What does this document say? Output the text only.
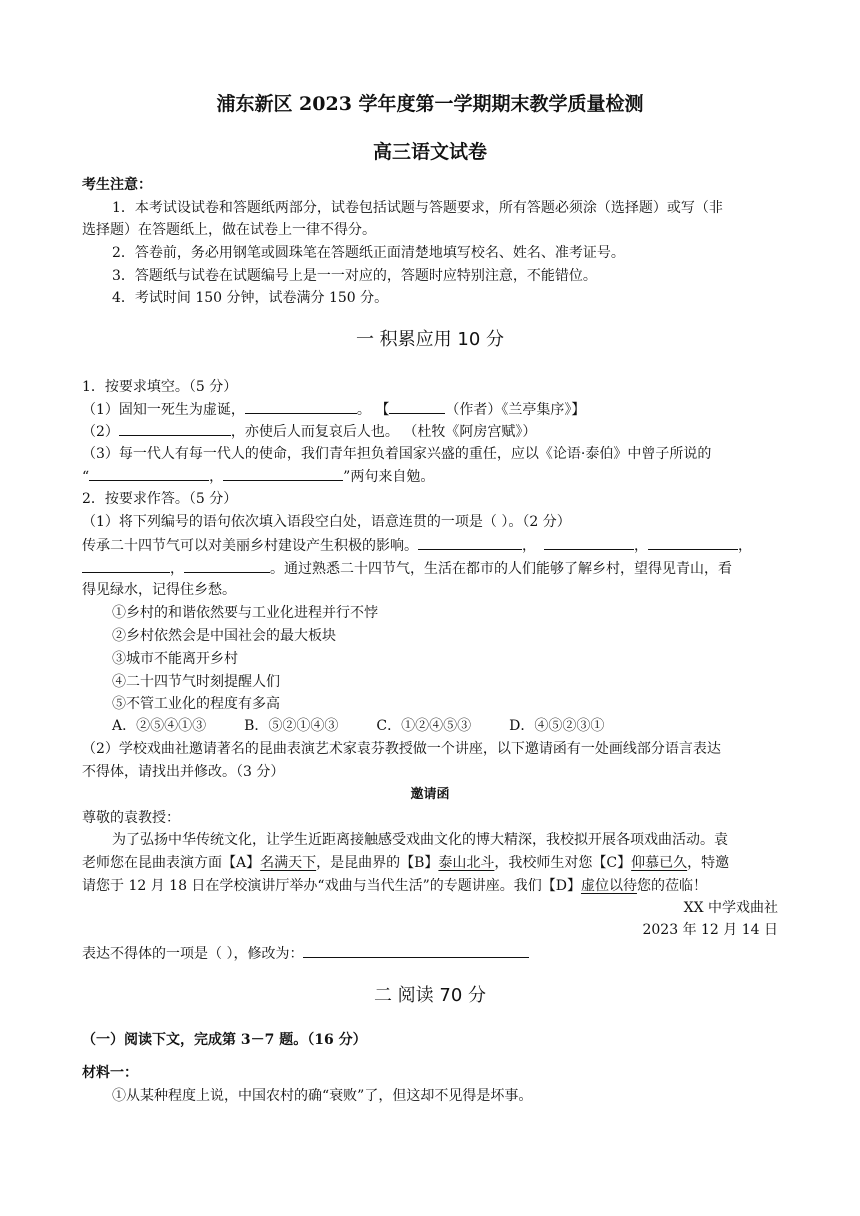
浦东新区 2023 学年度第一学期期末教学质量检测
高三语文试卷
考生注意：
1．本考试设试卷和答题纸两部分，试卷包括试题与答题要求，所有答题必须涂（选择题）或写（非
选择题）在答题纸上，做在试卷上一律不得分。
2．答卷前，务必用钢笔或圆珠笔在答题纸正面清楚地填写校名、姓名、准考证号。
3．答题纸与试卷在试题编号上是一一对应的，答题时应特别注意，不能错位。
4．考试时间 150 分钟，试卷满分 150 分。
一 积累应用 10 分
1．按要求填空。（5 分）
（1）固知一死生为虚诞，	。 【	（作者）《兰亭集序》】
（2）	，亦使后人而复哀后人也。 （杜牧《阿房宫赋》）
（3）每一代人有每一代人的使命，我们青年担负着国家兴盛的重任，应以《论语·泰伯》中曾子所说的
“	，	”两句来自勉。
2．按要求作答。（5 分）
（1）将下列编号的语句依次填入语段空白处，语意连贯的一项是（ ）。（2 分）
传承二十四节气可以对美丽乡村建设产生积极的影响。	，	，	，
，	。通过熟悉二十四节气，生活在都市的人们能够了解乡村，望得见青山，看
得见绿水，记得住乡愁。
①乡村的和谐依然要与工业化进程并行不悖
②乡村依然会是中国社会的最大板块
③城市不能离开乡村
④二十四节气时刻提醒人们
⑤不管工业化的程度有多高
A．②⑤④①③	B．⑤②①④③	C．①②④⑤③	D．④⑤②③①
（2）学校戏曲社邀请著名的昆曲表演艺术家袁芬教授做一个讲座，以下邀请函有一处画线部分语言表达
不得体，请找出并修改。（3 分）
邀请函
尊敬的袁教授：
为了弘扬中华传统文化，让学生近距离接触感受戏曲文化的博大精深，我校拟开展各项戏曲活动。袁
老师您在昆曲表演方面【A】名满天下，是昆曲界的【B】泰山北斗，我校师生对您【C】仰慕已久，特邀
请您于 12 月 18 日在学校演讲厅举办“戏曲与当代生活”的专题讲座。我们【D】虚位以待您的莅临！
XX 中学戏曲社
2023 年 12 月 14 日
表达不得体的一项是（ ），修改为：
二 阅读 70 分
（一）阅读下文，完成第 3－7 题。（16 分）
材料一：
①从某种程度上说，中国农村的确“衰败”了，但这却不见得是坏事。
